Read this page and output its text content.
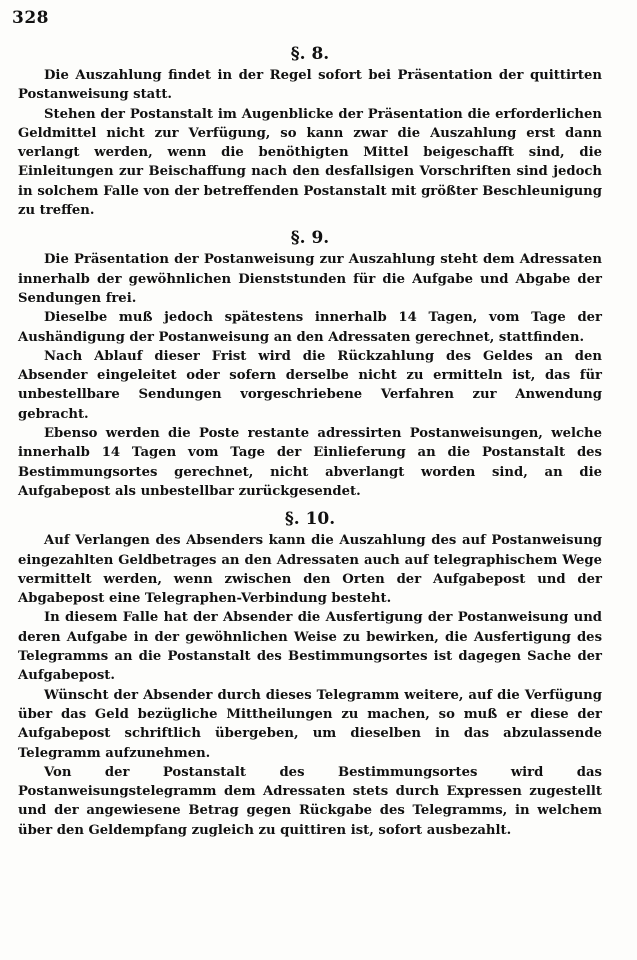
328
§. 8.

Die Auszahlung findet in der Regel sofort bei Präsentation der quittirten Postanweisung statt.

Stehen der Postanstalt im Augenblicke der Präsentation die erforderlichen Geldmittel nicht zur Verfügung, so kann zwar die Auszahlung erst dann verlangt werden, wenn die benöthigten Mittel beigeschafft sind, die Einleitungen zur Beischaffung nach den desfallsigen Vorschriften sind jedoch in solchem Falle von der betreffenden Postanstalt mit größter Beschleunigung zu treffen.

§. 9.

Die Präsentation der Postanweisung zur Auszahlung steht dem Adressaten innerhalb der gewöhnlichen Dienststunden für die Aufgabe und Abgabe der Sendungen frei.

Dieselbe muß jedoch spätestens innerhalb 14 Tagen, vom Tage der Aushändigung der Postanweisung an den Adressaten gerechnet, stattfinden.

Nach Ablauf dieser Frist wird die Rückzahlung des Geldes an den Absender eingeleitet oder sofern derselbe nicht zu ermitteln ist, das für unbestellbare Sendungen vorgeschriebene Verfahren zur Anwendung gebracht.

Ebenso werden die Poste restante adressirten Postanweisungen, welche innerhalb 14 Tagen vom Tage der Einlieferung an die Postanstalt des Bestimmungsortes gerechnet, nicht abverlangt worden sind, an die Aufgabepost als unbestellbar zurückgesendet.

§. 10.

Auf Verlangen des Absenders kann die Auszahlung des auf Postanweisung eingezahlten Geldbetrages an den Adressaten auch auf telegraphischem Wege vermittelt werden, wenn zwischen den Orten der Aufgabepost und der Abgabepost eine Telegraphen-Verbindung besteht.

In diesem Falle hat der Absender die Ausfertigung der Postanweisung und deren Aufgabe in der gewöhnlichen Weise zu bewirken, die Ausfertigung des Telegramms an die Postanstalt des Bestimmungsortes ist dagegen Sache der Aufgabepost.

Wünscht der Absender durch dieses Telegramm weitere, auf die Verfügung über das Geld bezügliche Mittheilungen zu machen, so muß er diese der Aufgabepost schriftlich übergeben, um dieselben in das abzulassende Telegramm aufzunehmen.

Von der Postanstalt des Bestimmungsortes wird das Postanweisungstelegramm dem Adressaten stets durch Expressen zugestellt und der angewiesene Betrag gegen Rückgabe des Telegramms, in welchem über den Geldempfang zugleich zu quittiren ist, sofort ausbezahlt.
